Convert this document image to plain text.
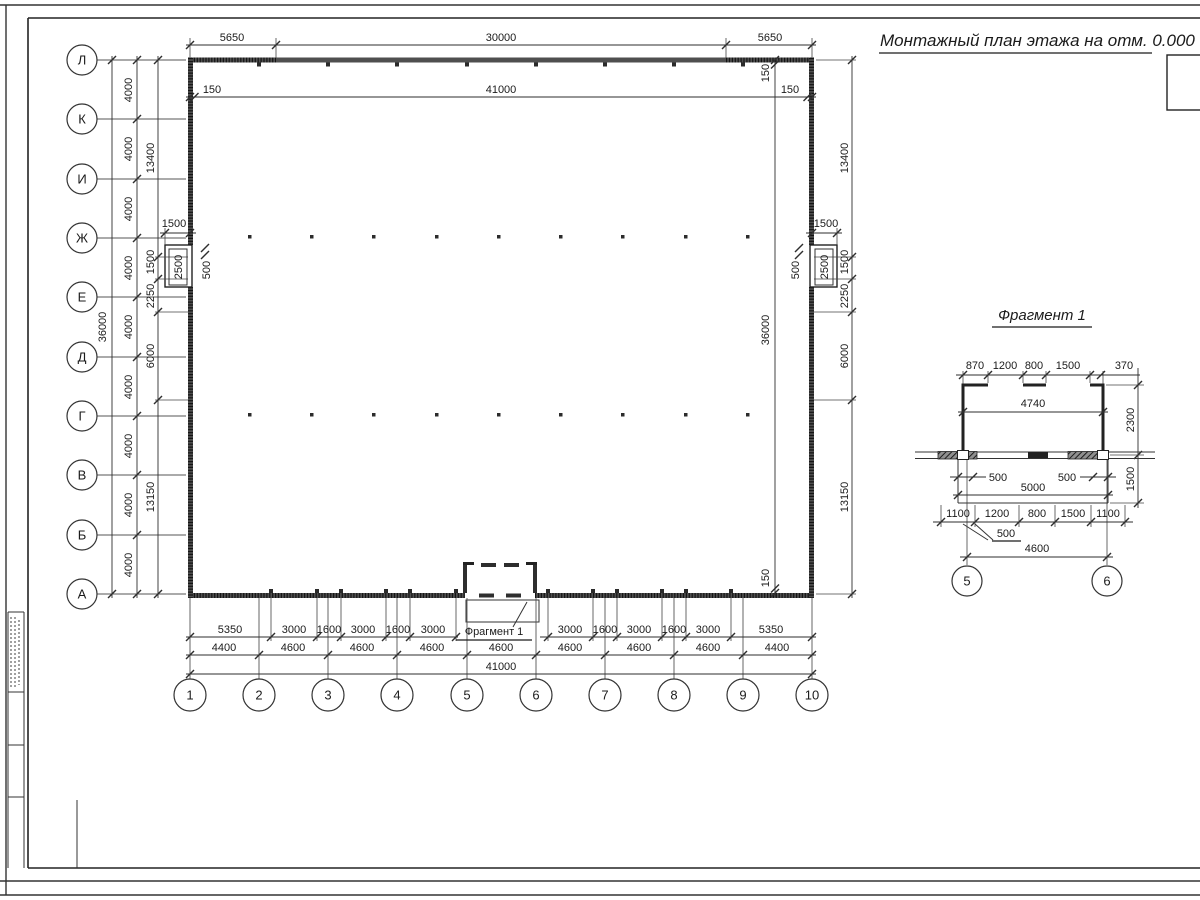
Монтажный план этажа на отм. 0.000
Л
К
И
Ж
Е
Д
Г
В
Б
А
1	2	3	4	5	6	7	8	9	10
5650	30000	5650
150	41000	150
36000
4000
4000
4000
4000
4000
4000
4000
4000
4000
13400
1500
2250
6000
13150
13400
1500
2250
6000
13150
150
36000
150
1500
2500 500
1500
2500
500
5350	3000 1600 3000 1600 3000	3000 1600 3000 1600 3000	5350
Фрагмент 1
4400	4600	4600	4600	4600	4600	4600	4600	4400
41000
Фрагмент 1
870 1200 800 1500	370
4740
2300
1500
500	500
5000
1100 1200 800 1500 1100
500
4600
5	6
